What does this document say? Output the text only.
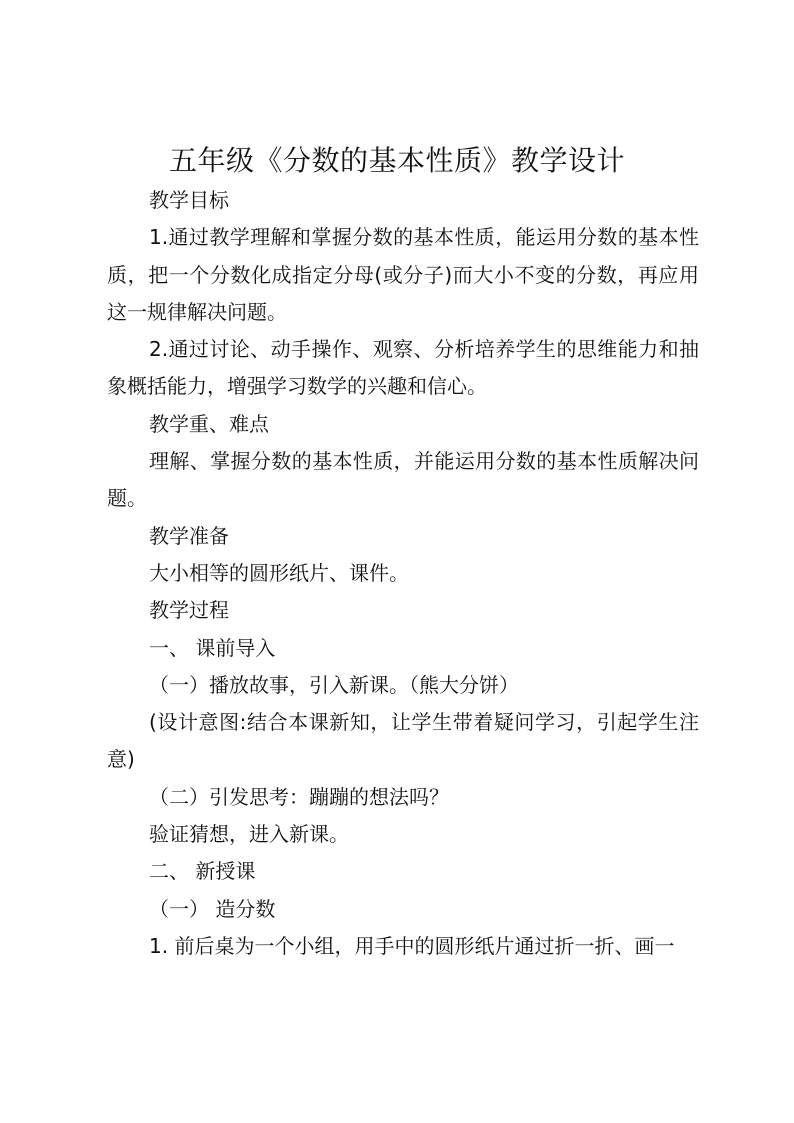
五年级《分数的基本性质》教学设计

教学目标

1.通过教学理解和掌握分数的基本性质，能运用分数的基本性质，把一个分数化成指定分母(或分子)而大小不变的分数，再应用这一规律解决问题。

2.通过讨论、动手操作、观察、分析培养学生的思维能力和抽象概括能力，增强学习数学的兴趣和信心。

教学重、难点

理解、掌握分数的基本性质，并能运用分数的基本性质解决问题。

教学准备

大小相等的圆形纸片、课件。

教学过程

一、 课前导入

（一）播放故事，引入新课。（熊大分饼）

(设计意图:结合本课新知，让学生带着疑问学习，引起学生注意)

（二）引发思考：蹦蹦的想法吗？

验证猜想，进入新课。

二、 新授课

（一） 造分数

1. 前后桌为一个小组，用手中的圆形纸片通过折一折、画一
